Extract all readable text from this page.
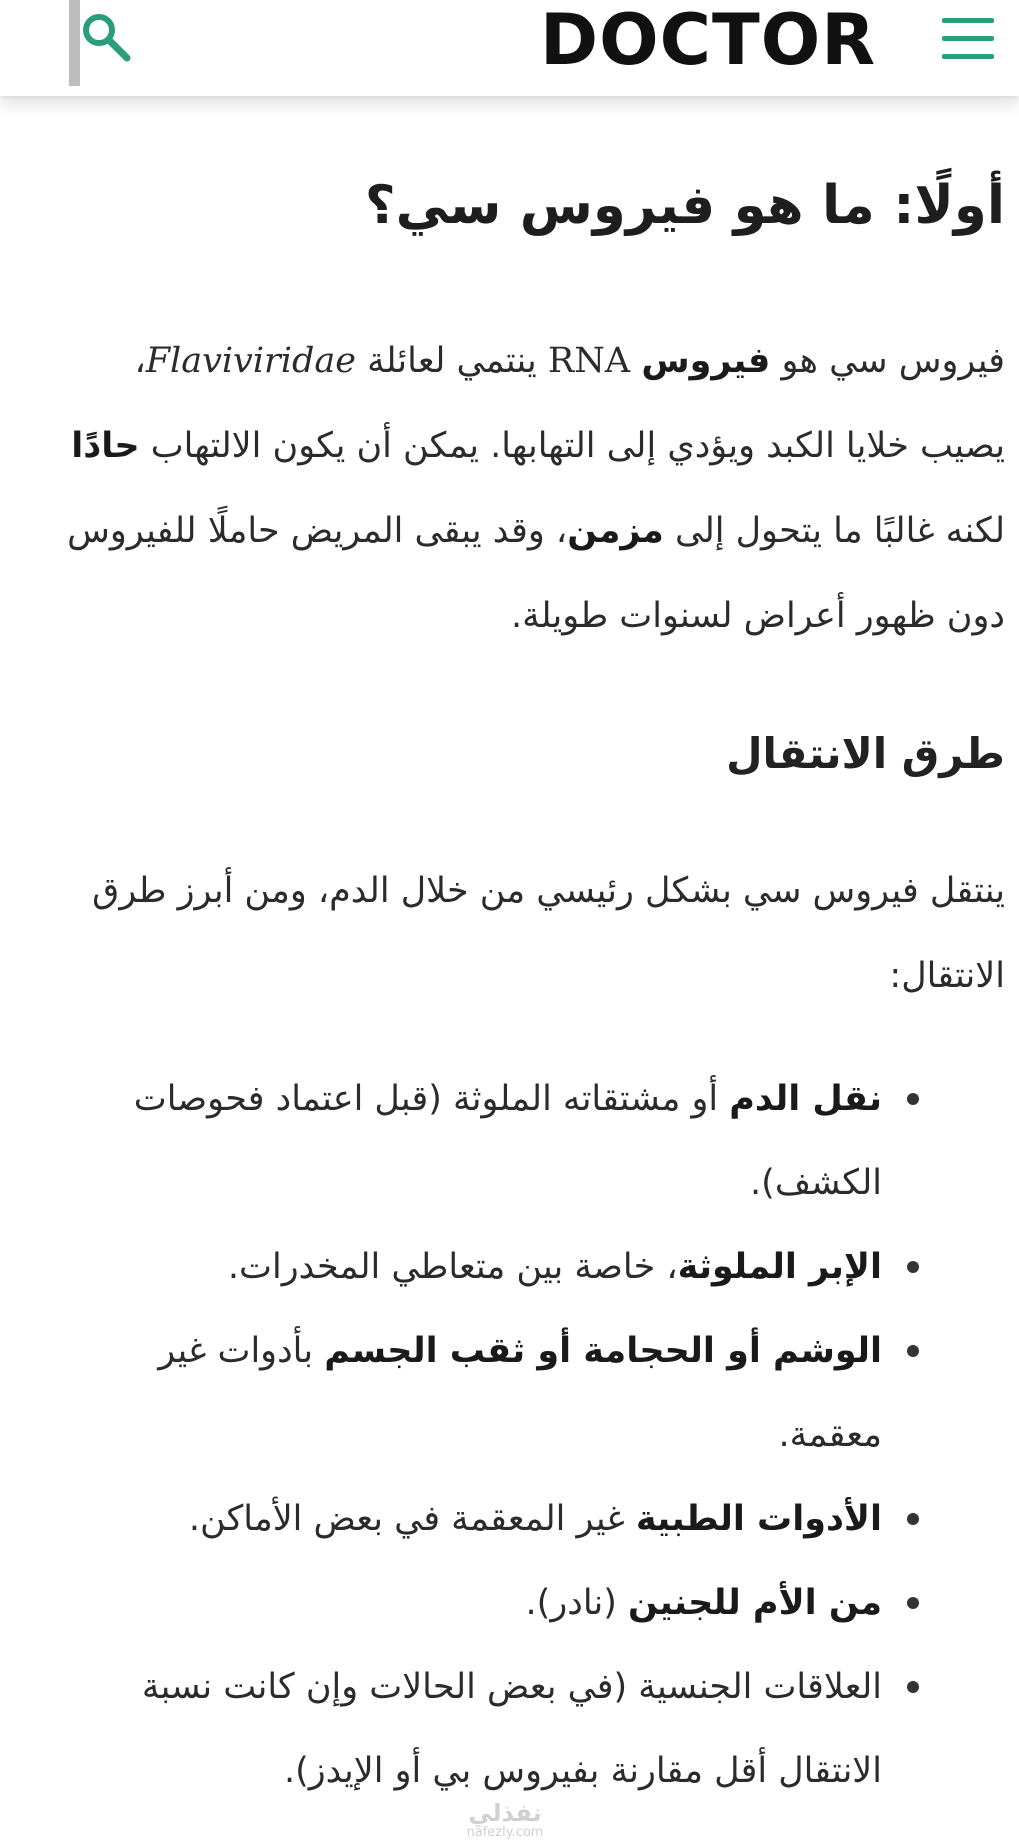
DOCTOR
أولًا: ما هو فيروس سي؟

فيروس سي هو فيروس RNA ينتمي لعائلة Flaviviridae، يصيب خلايا الكبد ويؤدي إلى التهابها. يمكن أن يكون الالتهاب حادًا لكنه غالبًا ما يتحول إلى مزمن، وقد يبقى المريض حاملًا للفيروس دون ظهور أعراض لسنوات طويلة.

طرق الانتقال

ينتقل فيروس سي بشكل رئيسي من خلال الدم، ومن أبرز طرق الانتقال:

نقل الدم أو مشتقاته الملوثة (قبل اعتماد فحوصات الكشف).
الإبر الملوثة، خاصة بين متعاطي المخدرات.
الوشم أو الحجامة أو ثقب الجسم بأدوات غير معقمة.
الأدوات الطبية غير المعقمة في بعض الأماكن.
من الأم للجنين (نادر).
العلاقات الجنسية (في بعض الحالات وإن كانت نسبة الانتقال أقل مقارنة بفيروس بي أو الإيدز).
نفذلي
nafezly.com
